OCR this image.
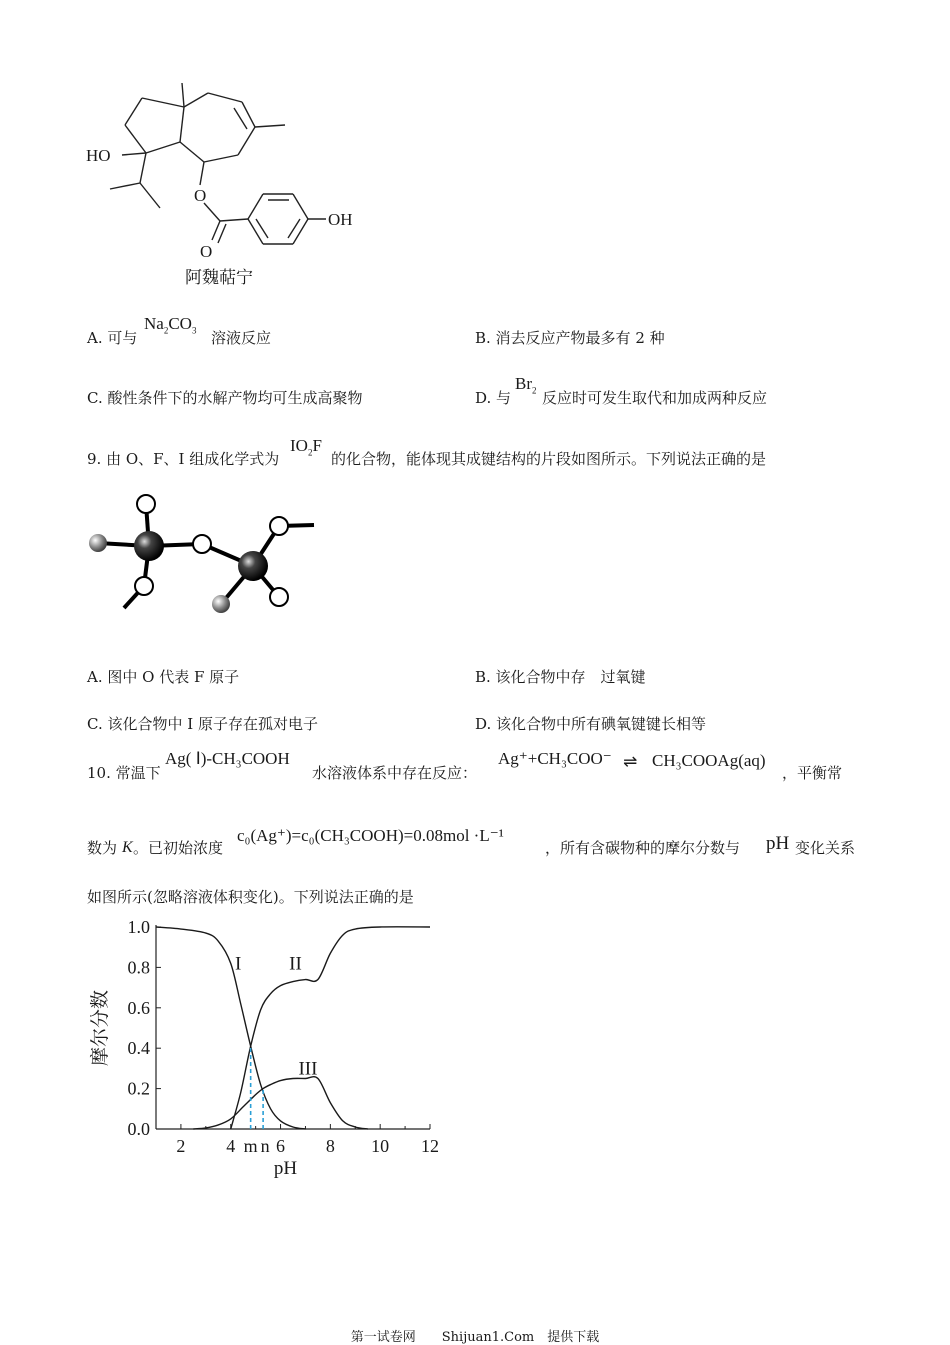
HO
O
O
OH
阿魏萜宁
A. 可与
$Na_2CO_3$ 溶液反应	B. 消去反应产物最多有 2 种
C. 酸性条件下的水解产物均可生成高聚物	D. 与
$Br_2$ 反应时可发生取代和加成两种反应
9. 由 O、F、I 组成化学式为
$IO_2F$
的化合物，能体现其成键结构的片段如图所示。下列说法正确的是
A. 图中 O 代表 F 原子	B. 该化合物中存　过氧键
C. 该化合物中 I 原子存在孤对电子	D. 该化合物中所有碘氧键键长相等
10. 常温下
Ag( Ⅰ)-CH₃COOH
水溶液体系中存在反应：
Ag⁺+CH₃COO⁻ ⇌ CH₃COOAg(aq)
，平衡常
数为 K 。已初始浓度
c₀(Ag⁺)=c₀(CH₃COOH)=0.08mol ·L⁻¹
，所有含碳物种的摩尔分数与 pH 变化关系
如图所示(忽略溶液体积变化)。下列说法正确的是
0.0
0.2
0.4
0.6
0.8
1.0
2 4 6 8 10 12
I	II
III
m n
pH
摩尔分数
第一试卷网　　Shijuan1.Com　提供下载
